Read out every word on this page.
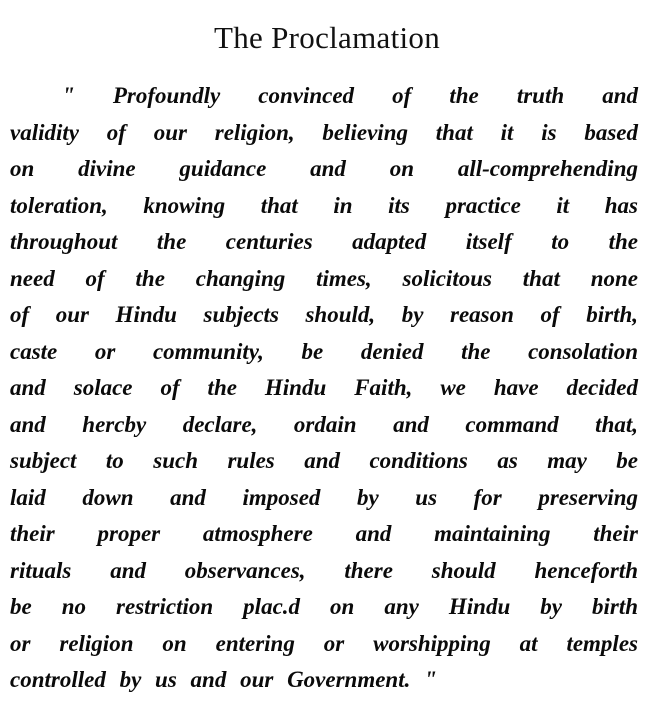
The Proclamation
" Profoundly convinced of the truth and
validity of our religion, believing that it is based
on divine guidance and on all-comprehending
toleration, knowing that in its practice it has
throughout the centuries adapted itself to the
need of the changing times, solicitous that none
of our Hindu subjects should, by reason of birth,
caste or community, be denied the consolation
and solace of the Hindu Faith, we have decided
and hercby declare, ordain and command that,
subject to such rules and conditions as may be
laid down and imposed by us for preserving
their proper atmosphere and maintaining their
rituals and observances, there should henceforth
be no restriction plac.d on any Hindu by birth
or religion on entering or worshipping at temples
controlled by us and our Government. "
